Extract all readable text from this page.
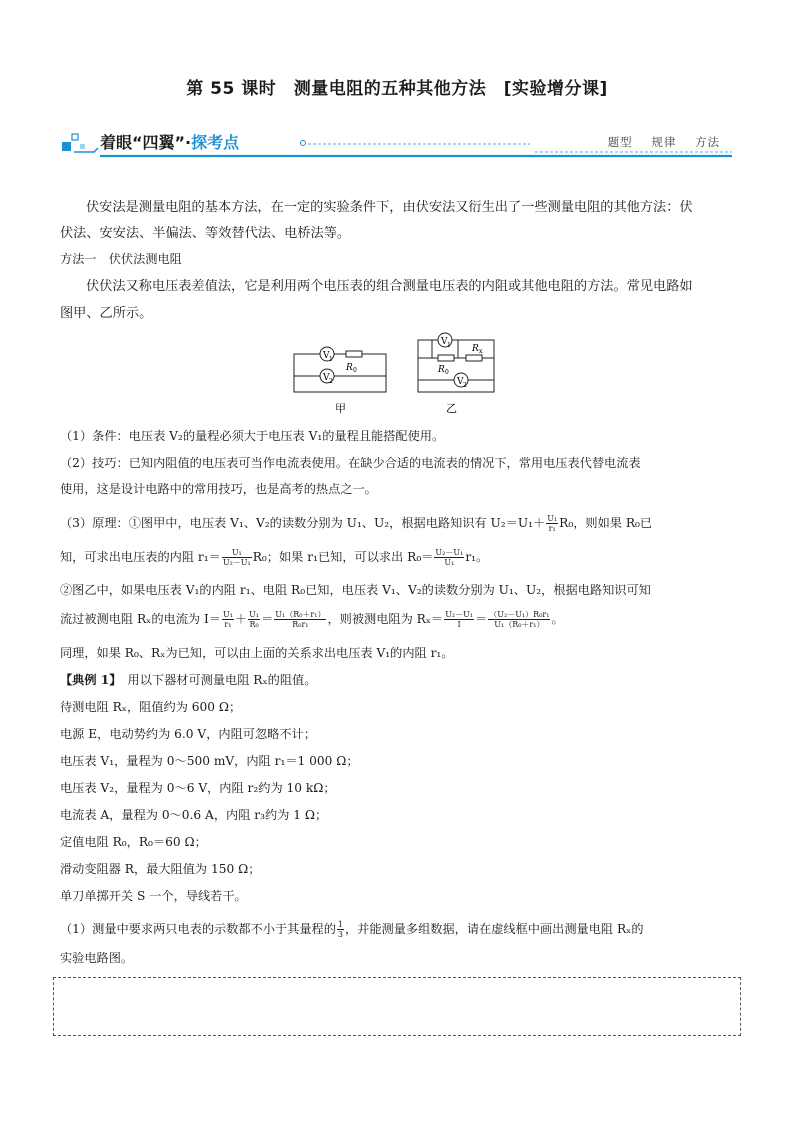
第 55 课时　测量电阻的五种其他方法　[实验增分课]
着眼“四翼”·探考点	题型 规律 方法
伏安法是测量电阻的基本方法，在一定的实验条件下，由伏安法又衍生出了一些测量电阻的其他方法：伏
伏法、安安法、半偏法、等效替代法、电桥法等。
方法一　伏伏法测电阻
伏伏法又称电压表差值法，它是利用两个电压表的组合测量电压表的内阻或其他电阻的方法。常见电路如
图甲、乙所示。
V 1
R 0
V 2
甲
V 1 R x
R 0
V 2
乙
（1）条件：电压表 V₂的量程必须大于电压表 V₁的量程且能搭配使用。
（2）技巧：已知内阻值的电压表可当作电流表使用。在缺少合适的电流表的情况下，常用电压表代替电流表
使用，这是设计电路中的常用技巧，也是高考的热点之一。
（3）原理：①图甲中，电压表 V₁、V₂的读数分别为 U₁、U₂，根据电路知识有 $U_2=U_1+ \frac{\text{U₁}}{\text{r₁}} R_0$，则如果 R₀已
知，可求出电压表的内阻 $r_1= \frac{\text{U₁}}{\text{U₂－U₁}} R_0$；如果 r₁已知，可以求出 $R_0= \frac{\text{U₂－U₁}}{\text{U₁}} r_1$。
②图乙中，如果电压表 V₁的内阻 r₁、电阻 R₀已知，电压表 V₁、V₂的读数分别为 U₁、U₂，根据电路知识可知
流过被测电阻 Rₓ的电流为 $I= \frac{\text{U₁}}{\text{r₁}} + \frac{\text{U₁}}{\text{R₀}} = \frac{\text{U₁（R₀＋r₁）}}{\text{R₀r₁}}$ ，则被测电阻为 $R_x= \frac{\text{U₂－U₁}}{I} = \frac{\text{（U₂－U₁）R₀r₁}}{\text{U₁（R₀＋r₁）}}$ 。
同理，如果 R₀、Rₓ为已知，可以由上面的关系求出电压表 V₁的内阻 r₁。
【典例 1】　用以下器材可测量电阻 Rₓ的阻值。
待测电阻 Rₓ，阻值约为 600 Ω；
电源 E，电动势约为 6.0 V，内阻可忽略不计；
电压表 V₁，量程为 0～500 mV，内阻 r₁＝1 000 Ω；
电压表 V₂，量程为 0～6 V，内阻 r₂约为 10 kΩ；
电流表 A，量程为 0～0.6 A，内阻 r₃约为 1 Ω；
定值电阻 R₀，R₀＝60 Ω；
滑动变阻器 R，最大阻值为 150 Ω；
单刀单掷开关 S 一个，导线若干。
（1）测量中要求两只电表的示数都不小于其量程的 $\frac{1}{3}$ ，并能测量多组数据，请在虚线框中画出测量电阻 Rₓ的
实验电路图。
